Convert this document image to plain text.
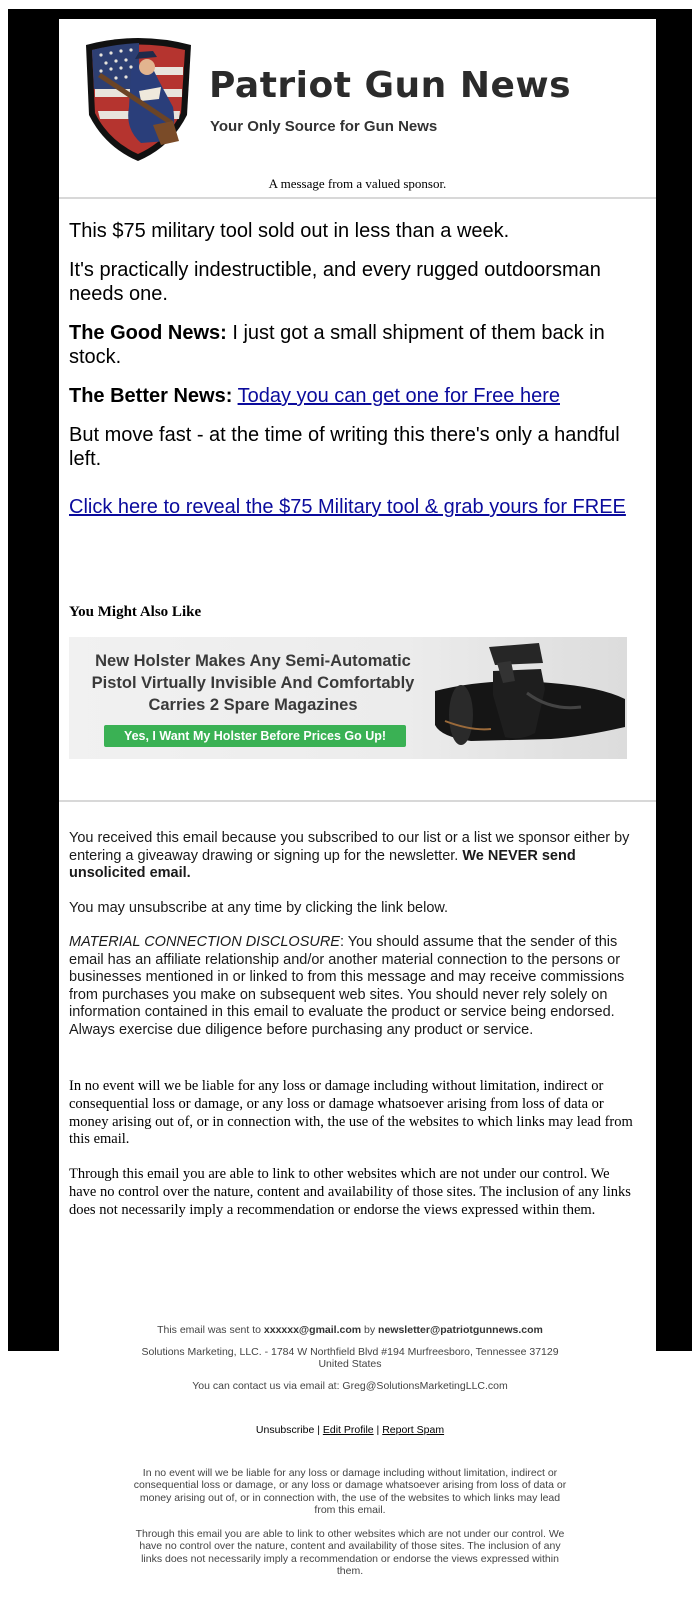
Patriot Gun News
Your Only Source for Gun News
A message from a valued sponsor.

This $75 military tool sold out in less than a week.

It's practically indestructible, and every rugged outdoorsman needs one.

The Good News: I just got a small shipment of them back in stock.

The Better News: Today you can get one for Free here

But move fast - at the time of writing this there's only a handful left.

Click here to reveal the $75 Military tool & grab yours for FREE

You Might Also Like
New Holster Makes Any Semi-Automatic
Pistol Virtually Invisible And Comfortably
Carries 2 Spare Magazines
Yes, I Want My Holster Before Prices Go Up!

You received this email because you subscribed to our list or a list we sponsor either by entering a giveaway drawing or signing up for the newsletter. We NEVER send unsolicited email.

You may unsubscribe at any time by clicking the link below.

MATERIAL CONNECTION DISCLOSURE: You should assume that the sender of this email has an affiliate relationship and/or another material connection to the persons or businesses mentioned in or linked to from this message and may receive commissions from purchases you make on subsequent web sites. You should never rely solely on information contained in this email to evaluate the product or service being endorsed. Always exercise due diligence before purchasing any product or service.

In no event will we be liable for any loss or damage including without limitation, indirect or consequential loss or damage, or any loss or damage whatsoever arising from loss of data or money arising out of, or in connection with, the use of the websites to which links may lead from this email.

Through this email you are able to link to other websites which are not under our control. We have no control over the nature, content and availability of those sites. The inclusion of any links does not necessarily imply a recommendation or endorse the views expressed within them.

This email was sent to xxxxxx@gmail.com by newsletter@patriotgunnews.com
Solutions Marketing, LLC. - 1784 W Northfield Blvd #194 Murfreesboro, Tennessee 37129 United States
You can contact us via email at: Greg@SolutionsMarketingLLC.com
Unsubscribe | Edit Profile | Report Spam
In no event will we be liable for any loss or damage including without limitation, indirect or consequential loss or damage, or any loss or damage whatsoever arising from loss of data or money arising out of, or in connection with, the use of the websites to which links may lead from this email.
Through this email you are able to link to other websites which are not under our control. We have no control over the nature, content and availability of those sites. The inclusion of any links does not necessarily imply a recommendation or endorse the views expressed within them.
